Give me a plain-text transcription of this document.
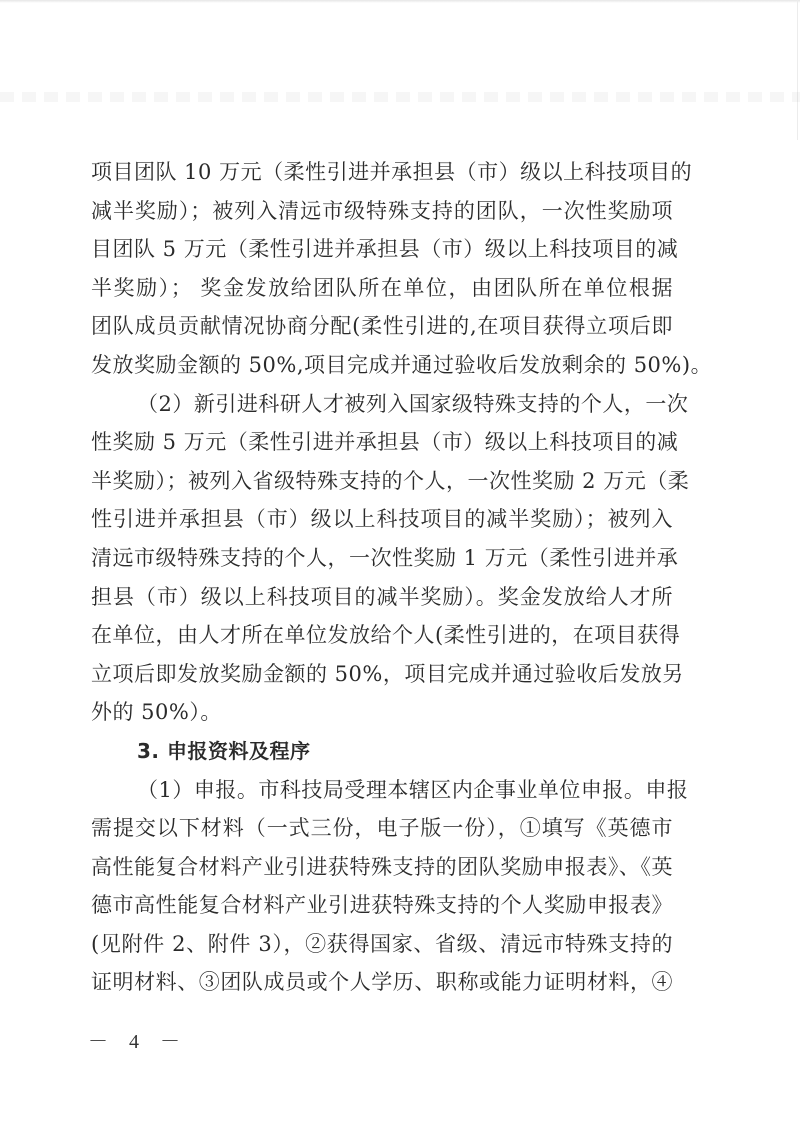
项目团队 10 万元（柔性引进并承担县（市）级以上科技项目的
减半奖励）；被列入清远市级特殊支持的团队，一次性奖励项
目团队 5 万元（柔性引进并承担县（市）级以上科技项目的减
半奖励）； 奖金发放给团队所在单位，由团队所在单位根据
团队成员贡献情况协商分配(柔性引进的,在项目获得立项后即
发放奖励金额的 50%,项目完成并通过验收后发放剩余的 50%)。
（2）新引进科研人才被列入国家级特殊支持的个人，一次
性奖励 5 万元（柔性引进并承担县（市）级以上科技项目的减
半奖励）；被列入省级特殊支持的个人，一次性奖励 2 万元（柔
性引进并承担县（市）级以上科技项目的减半奖励）；被列入
清远市级特殊支持的个人，一次性奖励 1 万元（柔性引进并承
担县（市）级以上科技项目的减半奖励）。奖金发放给人才所
在单位，由人才所在单位发放给个人(柔性引进的，在项目获得
立项后即发放奖励金额的 50%，项目完成并通过验收后发放另
外的 50%）。
3. 申报资料及程序
（1）申报。市科技局受理本辖区内企事业单位申报。申报
需提交以下材料（一式三份，电子版一份），①填写《英德市
高性能复合材料产业引进获特殊支持的团队奖励申报表》、《英
德市高性能复合材料产业引进获特殊支持的个人奖励申报表》
(见附件 2、附件 3），②获得国家、省级、清远市特殊支持的
证明材料、③团队成员或个人学历、职称或能力证明材料，④
－ 4 －
